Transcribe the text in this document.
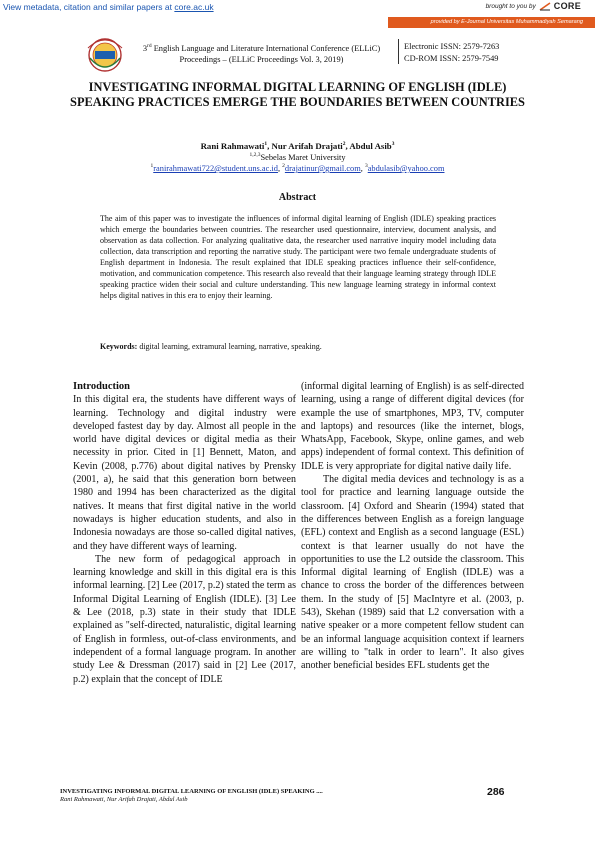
View metadata, citation and similar papers at core.ac.uk	brought to you by CORE
provided by E-Journal Universitas Muhammadiyah Semarang
3rd English Language and Literature International Conference (ELLiC)
Proceedings – (ELLiC Proceedings Vol. 3, 2019)
Electronic ISSN: 2579-7263
CD-ROM ISSN: 2579-7549
INVESTIGATING INFORMAL DIGITAL LEARNING OF ENGLISH (IDLE) SPEAKING PRACTICES EMERGE THE BOUNDARIES BETWEEN COUNTRIES
Rani Rahmawati$^1$, Nur Arifah Drajati$^2$, Abdul Asib$^3$
$^{1,2,3}$Sebelas Maret University
$^1$ranirahmawati722@student.uns.ac.id, $^2$drajatinur@gmail.com, $^3$abdulasib@yahoo.com
Abstract
The aim of this paper was to investigate the influences of informal digital learning of English (IDLE) speaking practices which emerge the boundaries between countries. The researcher used questionnaire, interview, document analysis, and observation as data collection. For analyzing qualitative data, the researcher used narrative inquiry model including data collection, data transcription and reporting the narrative study. The participant were two female undergraduate students of English department in Indonesia. The result explained that IDLE speaking practices influence their self-confidence, motivation, and communication competence. This research also reveald that their language learning strategy through IDLE speaking practice widen their social and culture understanding. This new language learning strategy in informal context helps digital natives in this era to enjoy their learning.
Keywords: digital learning, extramural learning, narrative, speaking.

Introduction

In this digital era, the students have different ways of learning. Technology and digital industry were developed fastest day by day. Almost all people in the world have digital devices or digital media as their necessity in prior. Cited in [1] Bennett, Maton, and Kevin (2008, p.776) about digital natives by Prensky (2001, a), he said that this generation born between 1980 and 1994 has been characterized as the digital natives. It means that first digital native in the world nowadays is higher education students, and also in Indonesia nowadays are those so-called digital natives, and they have different ways of learning.

The new form of pedagogical approach in learning knowledge and skill in this digital era is this informal learning. [2] Lee (2017, p.2) stated the term as Informal Digital Learning of English (IDLE). [3] Lee & Lee (2018, p.3) state in their study that IDLE explained as "self-directed, naturalistic, digital learning of English in formless, out-of-class environments, and independent of a formal language program. In another study Lee & Dressman (2017) said in [2] Lee (2017, p.2) explain that the concept of IDLE

(informal digital learning of English) is as self-directed learning, using a range of different digital devices (for example the use of smartphones, MP3, TV, computer and laptops) and resources (like the internet, blogs, WhatsApp, Facebook, Skype, online games, and web apps) independent of formal context. This definition of IDLE is very appropriate for digital native daily life.

The digital media devices and technology is as a tool for practice and learning language outside the classroom. [4] Oxford and Shearin (1994) stated that the differences between English as a foreign language (EFL) context and English as a second language (ESL) context is that learner usually do not have the opportunities to use the L2 outside the classroom. This Informal digital learning of English (IDLE) was a chance to cross the border of the differences between them. In the study of [5] MacIntyre et al. (2003, p. 543), Skehan (1989) said that L2 conversation with a native speaker or a more competent fellow student can be an informal language acquisition context if learners are willing to "talk in order to learn". It also gives another beneficial besides EFL students get the

INVESTIGATING INFORMAL DIGITAL LEARNING OF ENGLISH (IDLE) SPEAKING ....
Rani Rahmawati, Nur Arifah Drajati, Abdul Asib
286
